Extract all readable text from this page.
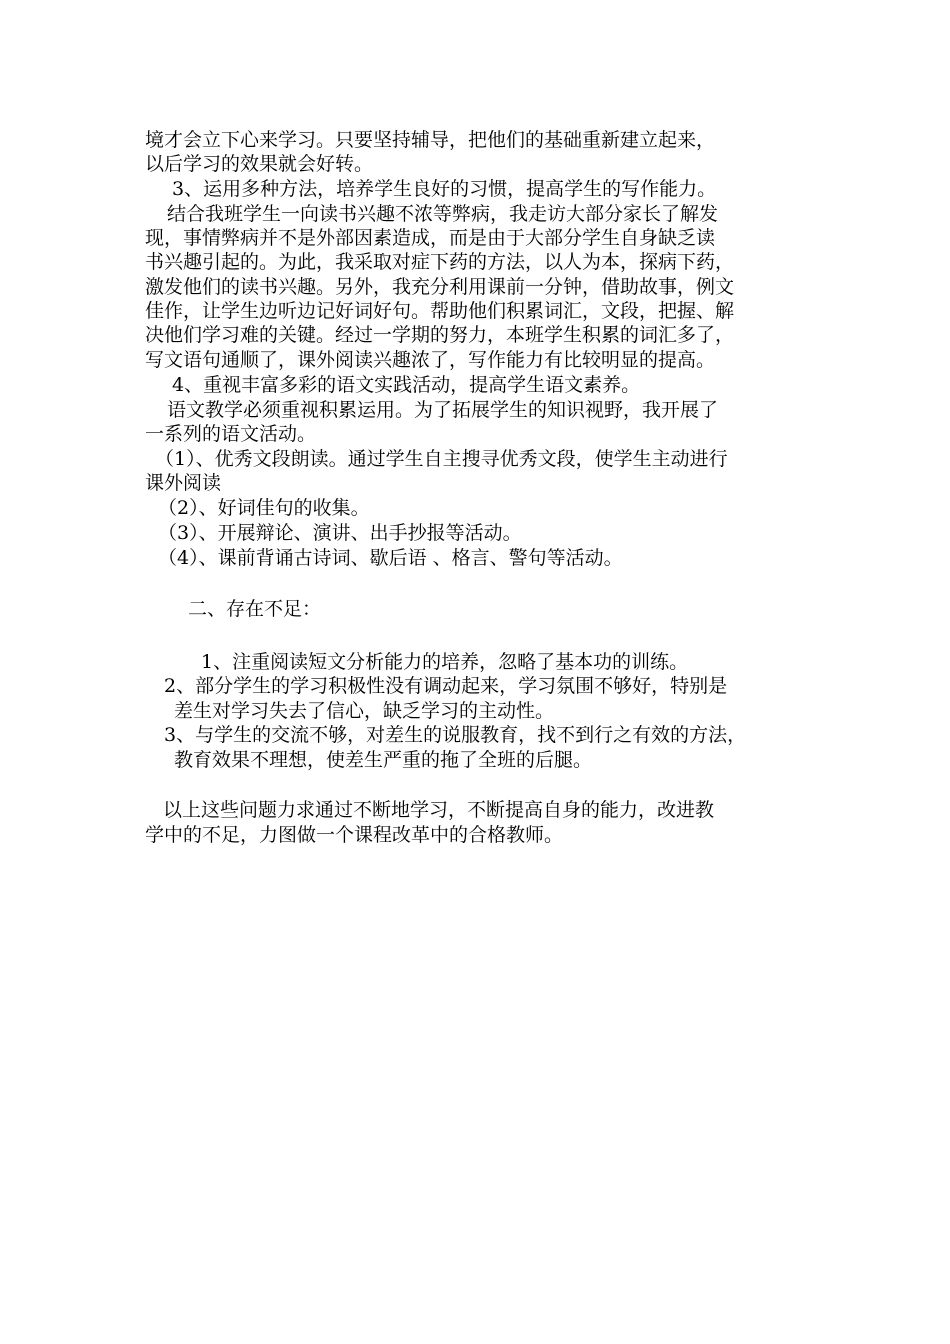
境才会立下心来学习。只要坚持辅导，把他们的基础重新建立起来，
以后学习的效果就会好转。
3、运用多种方法，培养学生良好的习惯，提高学生的写作能力。
结合我班学生一向读书兴趣不浓等弊病，我走访大部分家长了解发
现，事情弊病并不是外部因素造成，而是由于大部分学生自身缺乏读
书兴趣引起的。为此，我采取对症下药的方法，以人为本，探病下药，
激发他们的读书兴趣。另外，我充分利用课前一分钟，借助故事，例文
佳作，让学生边听边记好词好句。帮助他们积累词汇，文段，把握、解
决他们学习难的关键。经过一学期的努力，本班学生积累的词汇多了，
写文语句通顺了，课外阅读兴趣浓了，写作能力有比较明显的提高。
4、重视丰富多彩的语文实践活动，提高学生语文素养。
语文教学必须重视积累运用。为了拓展学生的知识视野，我开展了
一系列的语文活动。
（1）、优秀文段朗读。通过学生自主搜寻优秀文段，使学生主动进行
课外阅读
（2）、好词佳句的收集。
（3）、开展辩论、演讲、出手抄报等活动。
（4）、课前背诵古诗词、歇后语 、格言、警句等活动。
二、存在不足：
1、注重阅读短文分析能力的培养，忽略了基本功的训练。
2、部分学生的学习积极性没有调动起来，学习氛围不够好，特别是
差生对学习失去了信心，缺乏学习的主动性。
3、与学生的交流不够，对差生的说服教育，找不到行之有效的方法，
教育效果不理想，使差生严重的拖了全班的后腿。
以上这些问题力求通过不断地学习，不断提高自身的能力，改进教
学中的不足，力图做一个课程改革中的合格教师。
